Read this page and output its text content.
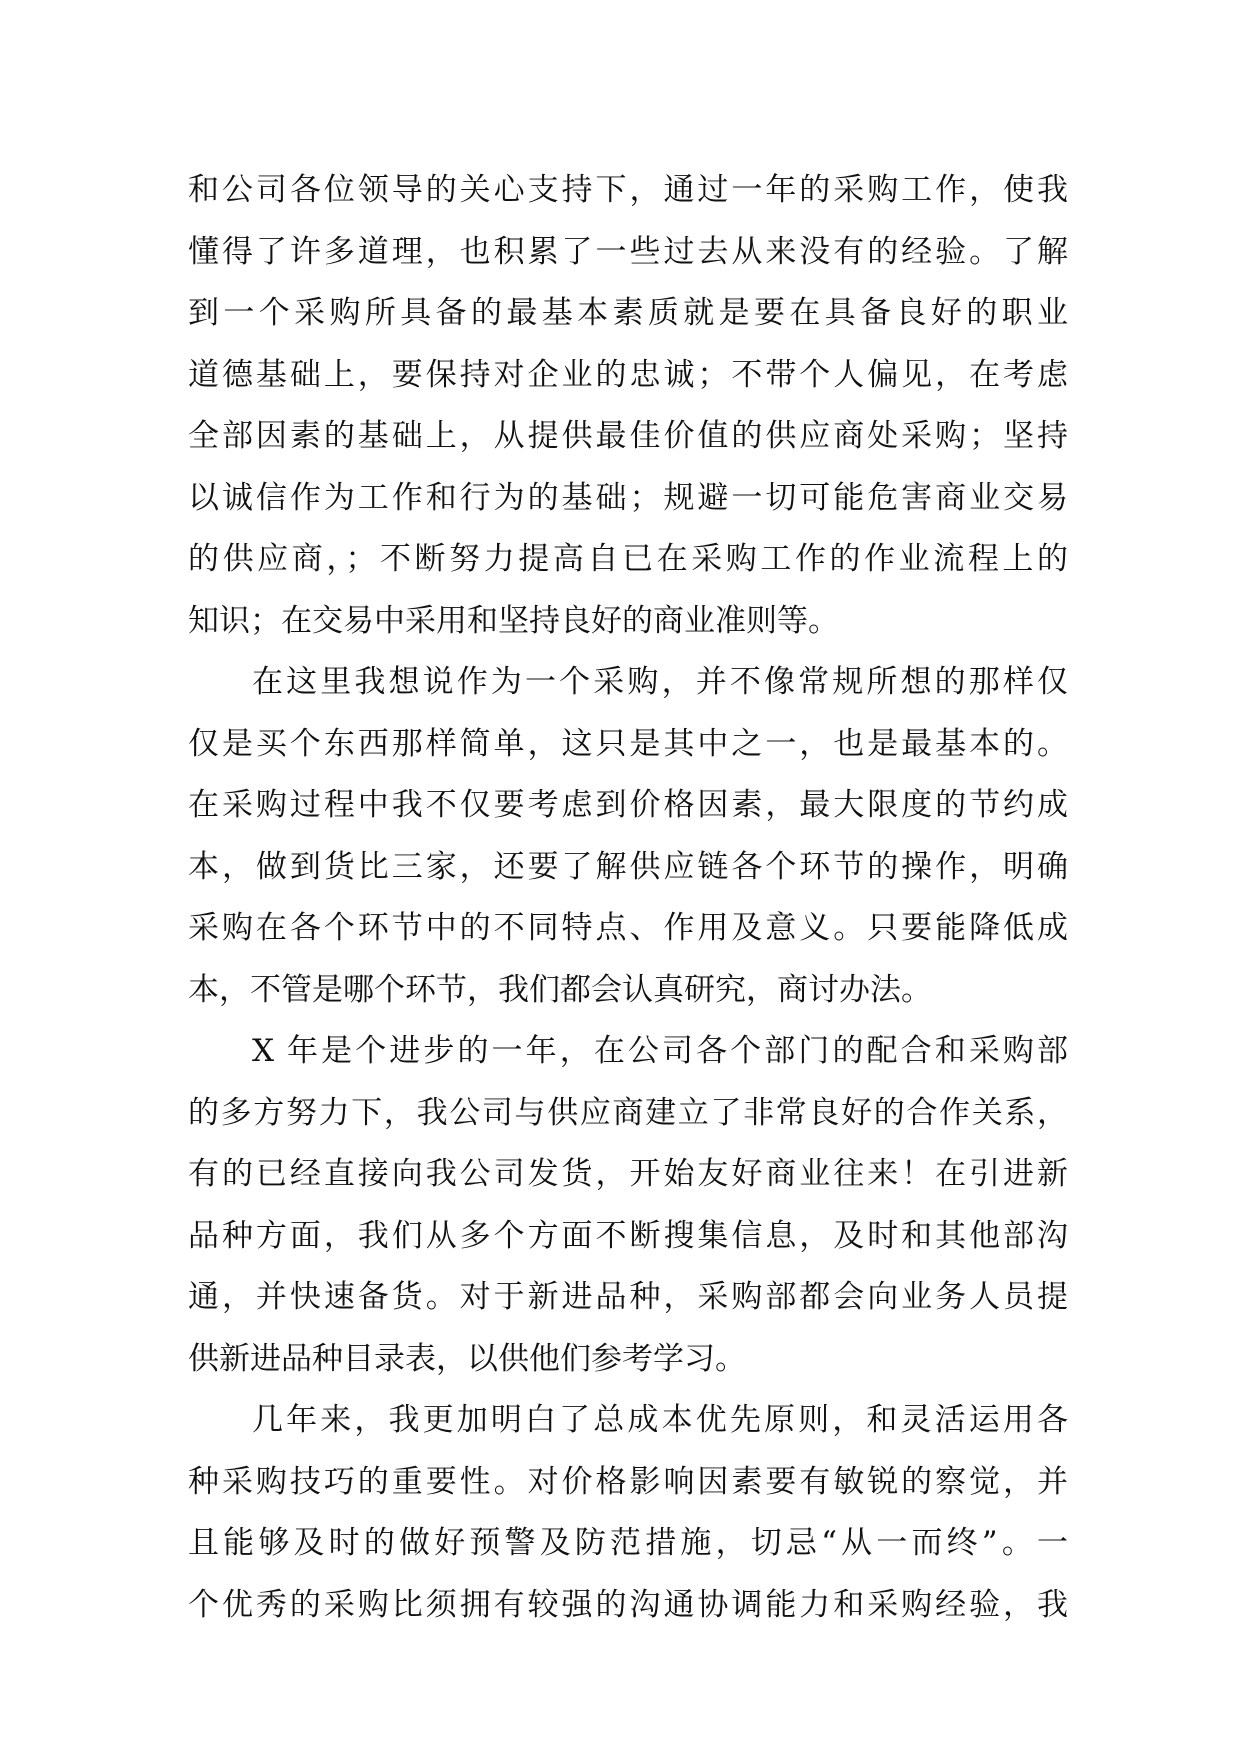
和公司各位领导的关心支持下，通过一年的采购工作，使我
懂得了许多道理，也积累了一些过去从来没有的经验。了解
到一个采购所具备的最基本素质就是要在具备良好的职业
道德基础上，要保持对企业的忠诚；不带个人偏见，在考虑
全部因素的基础上，从提供最佳价值的供应商处采购；坚持
以诚信作为工作和行为的基础；规避一切可能危害商业交易
的供应商，；不断努力提高自已在采购工作的作业流程上的
知识；在交易中采用和坚持良好的商业准则等。
在这里我想说作为一个采购，并不像常规所想的那样仅
仅是买个东西那样简单，这只是其中之一，也是最基本的。
在采购过程中我不仅要考虑到价格因素，最大限度的节约成
本，做到货比三家，还要了解供应链各个环节的操作，明确
采购在各个环节中的不同特点、作用及意义。只要能降低成
本，不管是哪个环节，我们都会认真研究，商讨办法。
X 年是个进步的一年，在公司各个部门的配合和采购部
的多方努力下，我公司与供应商建立了非常良好的合作关系，
有的已经直接向我公司发货，开始友好商业往来！在引进新
品种方面，我们从多个方面不断搜集信息，及时和其他部沟
通，并快速备货。对于新进品种，采购部都会向业务人员提
供新进品种目录表，以供他们参考学习。
几年来，我更加明白了总成本优先原则，和灵活运用各
种采购技巧的重要性。对价格影响因素要有敏锐的察觉，并
且能够及时的做好预警及防范措施，切忌“从一而终”。一
个优秀的采购比须拥有较强的沟通协调能力和采购经验，我
